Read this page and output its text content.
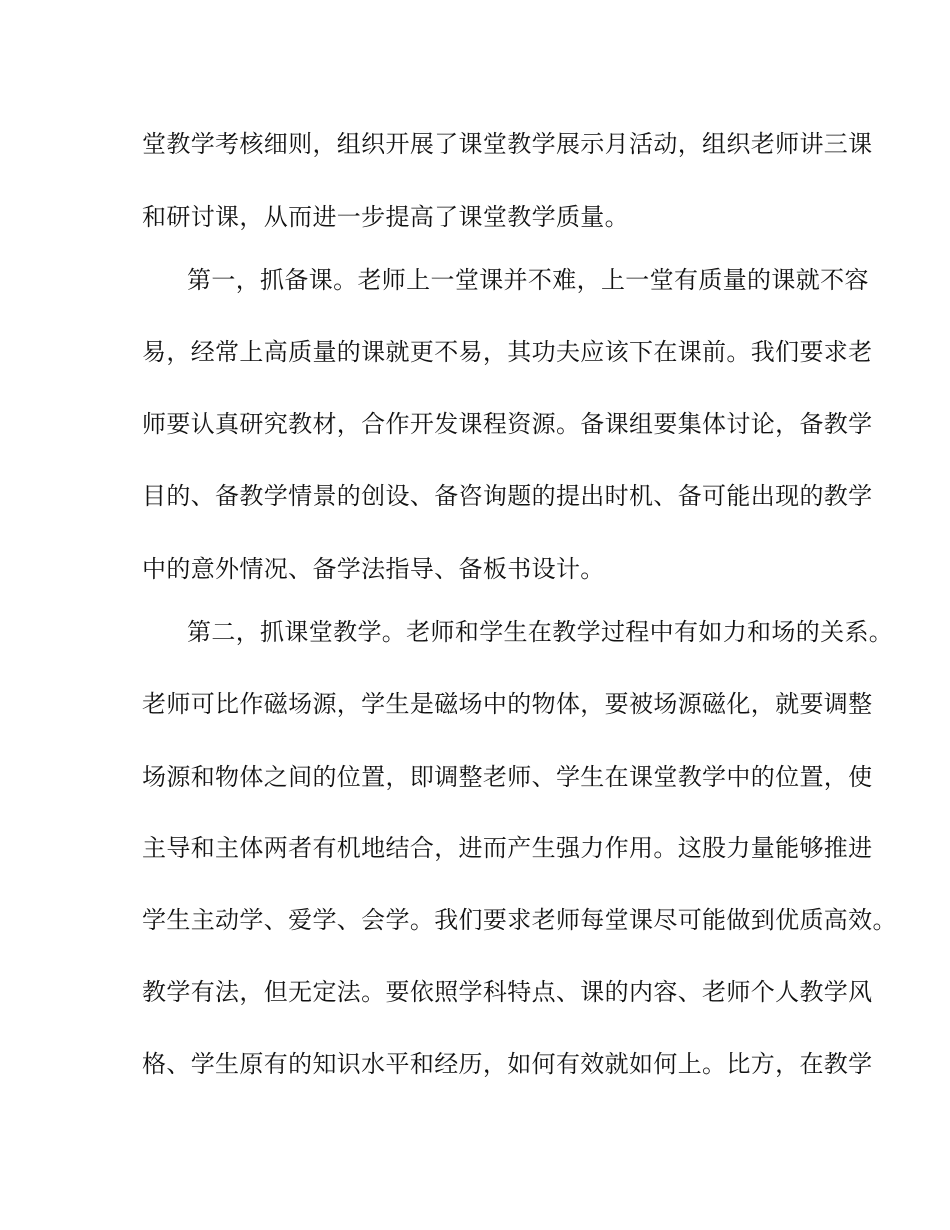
堂教学考核细则，组织开展了课堂教学展示月活动，组织老师讲三课

和研讨课，从而进一步提高了课堂教学质量。

第一，抓备课。老师上一堂课并不难，上一堂有质量的课就不容

易，经常上高质量的课就更不易，其功夫应该下在课前。我们要求老

师要认真研究教材，合作开发课程资源。备课组要集体讨论，备教学

目的、备教学情景的创设、备咨询题的提出时机、备可能出现的教学

中的意外情况、备学法指导、备板书设计。

第二，抓课堂教学。老师和学生在教学过程中有如力和场的关系。

老师可比作磁场源，学生是磁场中的物体，要被场源磁化，就要调整

场源和物体之间的位置，即调整老师、学生在课堂教学中的位置，使

主导和主体两者有机地结合，进而产生强力作用。这股力量能够推进

学生主动学、爱学、会学。我们要求老师每堂课尽可能做到优质高效。

教学有法，但无定法。要依照学科特点、课的内容、老师个人教学风

格、学生原有的知识水平和经历，如何有效就如何上。比方，在教学
